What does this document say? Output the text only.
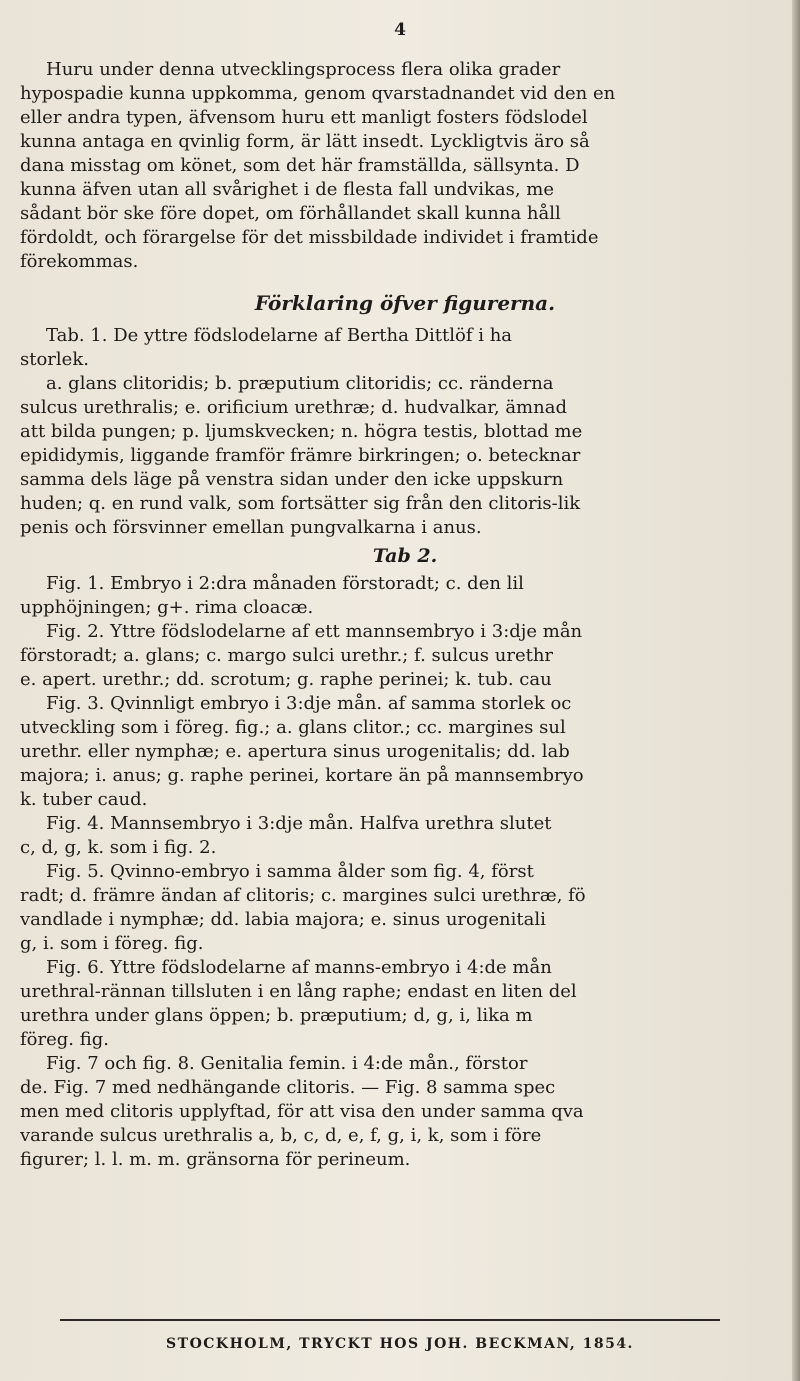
4
Huru under denna utvecklingsprocess flera olika grader
hypospadie kunna uppkomma, genom qvarstadnandet vid den en
eller andra typen, äfvensom huru ett manligt fosters födslodel
kunna antaga en qvinlig form, är lätt insedt. Lyckligtvis äro så
dana misstag om könet, som det här framställda, sällsynta. D
kunna äfven utan all svårighet i de flesta fall undvikas, me
sådant bör ske före dopet, om förhållandet skall kunna håll
fördoldt, och förargelse för det missbildade individet i framtide
förekommas.
Förklaring öfver figurerna.
Tab. 1. De yttre födslodelarne af Bertha Dittlöf i ha
storlek.
a. glans clitoridis; b. præputium clitoridis; cc. ränderna
sulcus urethralis; e. orificium urethræ; d. hudvalkar, ämnad
att bilda pungen; p. ljumskvecken; n. högra testis, blottad me
epididymis, liggande framför främre birkringen; o. betecknar
samma dels läge på venstra sidan under den icke uppskurn
huden; q. en rund valk, som fortsätter sig från den clitoris-lik
penis och försvinner emellan pungvalkarna i anus.
Tab 2.
Fig. 1. Embryo i 2:dra månaden förstoradt; c. den lil
upphöjningen; g+. rima cloacæ.
Fig. 2. Yttre födslodelarne af ett mannsembryo i 3:dje mån
förstoradt; a. glans; c. margo sulci urethr.; f. sulcus urethr
e. apert. urethr.; dd. scrotum; g. raphe perinei; k. tub. cau
Fig. 3. Qvinnligt embryo i 3:dje mån. af samma storlek oc
utveckling som i föreg. fig.; a. glans clitor.; cc. margines sul
urethr. eller nymphæ; e. apertura sinus urogenitalis; dd. lab
majora; i. anus; g. raphe perinei, kortare än på mannsembryo
k. tuber caud.
Fig. 4. Mannsembryo i 3:dje mån. Halfva urethra slutet
c, d, g, k. som i fig. 2.
Fig. 5. Qvinno-embryo i samma ålder som fig. 4, först
radt; d. främre ändan af clitoris; c. margines sulci urethræ, fö
vandlade i nymphæ; dd. labia majora; e. sinus urogenitali
g, i. som i föreg. fig.
Fig. 6. Yttre födslodelarne af manns-embryo i 4:de mån
urethral-rännan tillsluten i en lång raphe; endast en liten del
urethra under glans öppen; b. præputium; d, g, i, lika m
föreg. fig.
Fig. 7 och fig. 8. Genitalia femin. i 4:de mån., förstor
de. Fig. 7 med nedhängande clitoris. — Fig. 8 samma spec
men med clitoris upplyftad, för att visa den under samma qva
varande sulcus urethralis a, b, c, d, e, f, g, i, k, som i före
figurer; l. l. m. m. gränsorna för perineum.
STOCKHOLM, TRYCKT HOS JOH. BECKMAN, 1854.
